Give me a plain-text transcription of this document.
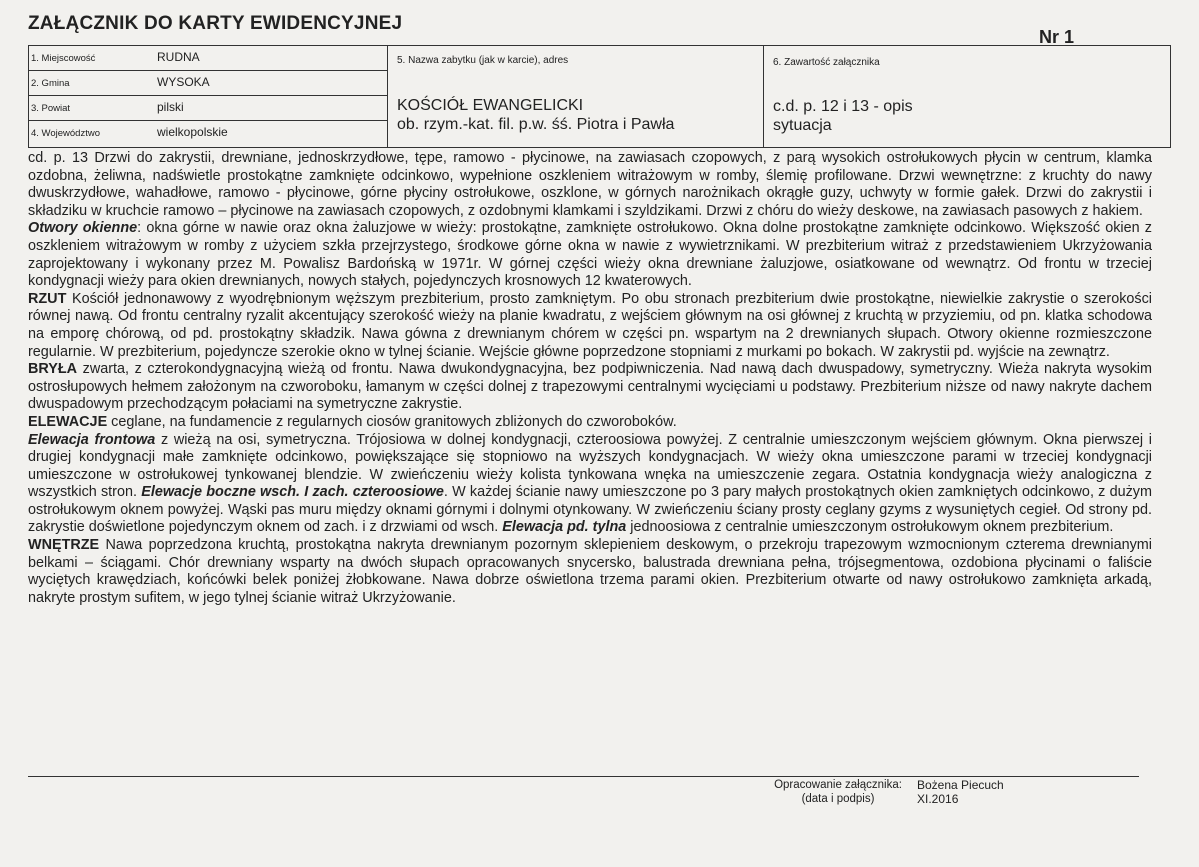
ZAŁĄCZNIK DO KARTY EWIDENCYJNEJ
Nr 1
1. Miejscowość	RUDNA
2. Gmina	WYSOKA
3. Powiat	pilski
4. Województwo	wielkopolskie
5. Nazwa zabytku (jak w karcie), adres
KOŚCIÓŁ EWANGELICKI
ob. rzym.-kat. fil. p.w. śś. Piotra i Pawła
6. Zawartość załącznika
c.d. p. 12 i 13 - opis
sytuacja

cd. p. 13 Drzwi do zakrystii, drewniane, jednoskrzydłowe, tępe, ramowo - płycinowe, na zawiasach czopowych, z parą wysokich ostrołukowych płycin w centrum, klamka ozdobna, żeliwna, nadświetle prostokątne zamknięte odcinkowo, wypełnione oszkleniem witrażowym w romby, ślemię profilowane. Drzwi wewnętrzne: z kruchty do nawy dwuskrzydłowe, wahadłowe, ramowo - płycinowe, górne płyciny ostrołukowe, oszklone, w górnych narożnikach okrągłe guzy, uchwyty w formie gałek. Drzwi do zakrystii i składziku w kruchcie ramowo – płycinowe na zawiasach czopowych, z ozdobnymi klamkami i szyldzikami. Drzwi z chóru do wieży deskowe, na zawiasach pasowych z hakiem.

Otwory okienne: okna górne w nawie oraz okna żaluzjowe w wieży: prostokątne, zamknięte ostrołukowo. Okna dolne prostokątne zamknięte odcinkowo. Większość okien z oszkleniem witrażowym w romby z użyciem szkła przejrzystego, środkowe górne okna w nawie z wywietrznikami. W prezbiterium witraż z przedstawieniem Ukrzyżowania zaprojektowany i wykonany przez M. Powalisz Bardońską w 1971r. W górnej części wieży okna drewniane żaluzjowe, osiatkowane od wewnątrz. Od frontu w trzeciej kondygnacji wieży para okien drewnianych, nowych stałych, pojedynczych krosnowych 12 kwaterowych.

RZUT Kościół jednonawowy z wyodrębnionym węższym prezbiterium, prosto zamkniętym. Po obu stronach prezbiterium dwie prostokątne, niewielkie zakrystie o szerokości równej nawą. Od frontu centralny ryzalit akcentujący szerokość wieży na planie kwadratu, z wejściem głównym na osi głównej z kruchtą w przyziemiu, od pn. klatka schodowa na emporę chórową, od pd. prostokątny składzik. Nawa gówna z drewnianym chórem w części pn. wspartym na 2 drewnianych słupach. Otwory okienne rozmieszczone regularnie. W prezbiterium, pojedyncze szerokie okno w tylnej ścianie. Wejście główne poprzedzone stopniami z murkami po bokach. W zakrystii pd. wyjście na zewnątrz.

BRYŁA zwarta, z czterokondygnacyjną wieżą od frontu. Nawa dwukondygnacyjna, bez podpiwniczenia. Nad nawą dach dwuspadowy, symetryczny. Wieża nakryta wysokim ostrosłupowych hełmem założonym na czworoboku, łamanym w części dolnej z trapezowymi centralnymi wycięciami u podstawy. Prezbiterium niższe od nawy nakryte dachem dwuspadowym przechodzącym połaciami na symetryczne zakrystie.

ELEWACJE ceglane, na fundamencie z regularnych ciosów granitowych zbliżonych do czworoboków.

Elewacja frontowa z wieżą na osi, symetryczna. Trójosiowa w dolnej kondygnacji, czteroosiowa powyżej. Z centralnie umieszczonym wejściem głównym. Okna pierwszej i drugiej kondygnacji małe zamknięte odcinkowo, powiększające się stopniowo na wyższych kondygnacjach. W wieży okna umieszczone parami w trzeciej kondygnacji umieszczone w ostrołukowej tynkowanej blendzie. W zwieńczeniu wieży kolista tynkowana wnęka na umieszczenie zegara. Ostatnia kondygnacja wieży analogiczna z wszystkich stron. Elewacje boczne wsch. I zach. czteroosiowe. W każdej ścianie nawy umieszczone po 3 pary małych prostokątnych okien zamkniętych odcinkowo, z dużym ostrołukowym oknem powyżej. Wąski pas muru między oknami górnymi i dolnymi otynkowany. W zwieńczeniu ściany prosty ceglany gzyms z wysuniętych cegieł. Od strony pd. zakrystie doświetlone pojedynczym oknem od zach. i z drzwiami od wsch. Elewacja pd. tylna jednoosiowa z centralnie umieszczonym ostrołukowym oknem prezbiterium.

WNĘTRZE Nawa poprzedzona kruchtą, prostokątna nakryta drewnianym pozornym sklepieniem deskowym, o przekroju trapezowym wzmocnionym czterema drewnianymi belkami – ściągami. Chór drewniany wsparty na dwóch słupach opracowanych snycersko, balustrada drewniana pełna, trójsegmentowa, ozdobiona płycinami o faliście wyciętych krawędziach, końcówki belek poniżej żłobkowane. Nawa dobrze oświetlona trzema parami okien. Prezbiterium otwarte od nawy ostrołukowo zamknięta arkadą, nakryte prostym sufitem, w jego tylnej ścianie witraż Ukrzyżowanie.

Opracowanie załącznika:
(data i podpis)
Bożena Piecuch
XI.2016
